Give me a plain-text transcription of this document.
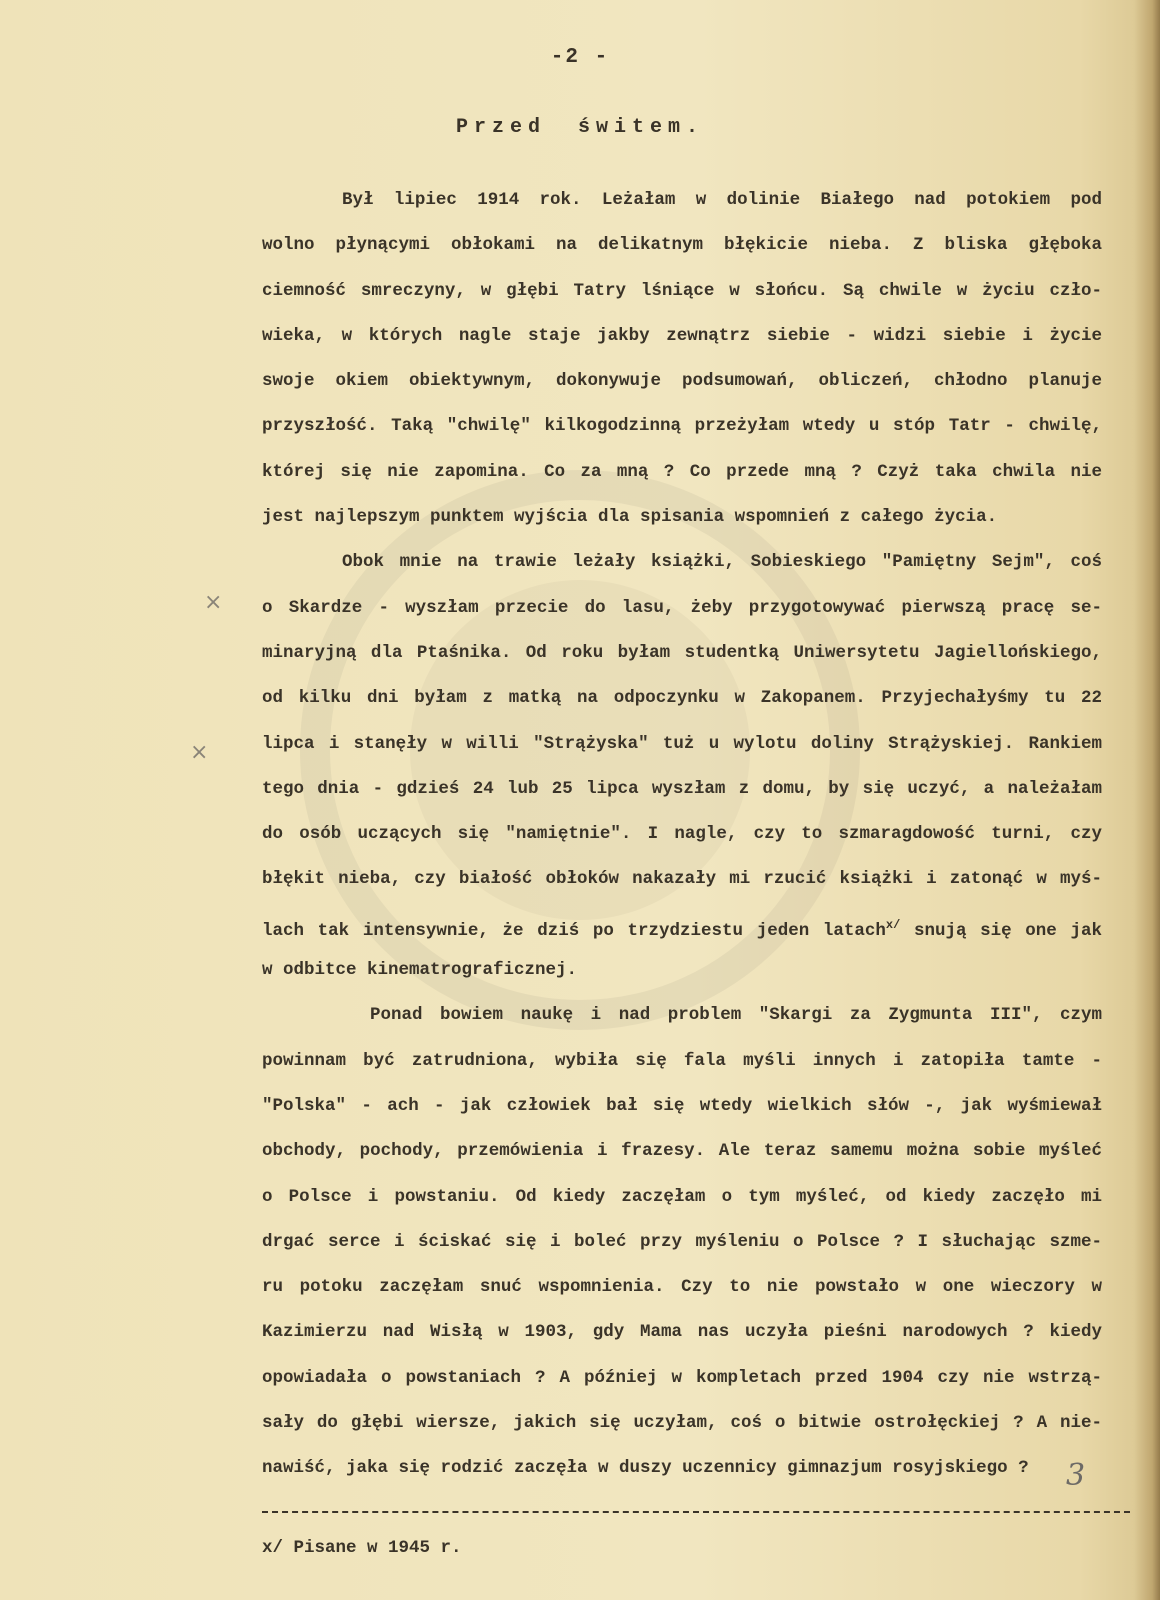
-2 -
Przed świtem.
Był lipiec 1914 rok. Leżałam w dolinie Białego nad potokiem pod
wolno płynącymi obłokami na delikatnym błękicie nieba. Z bliska głęboka
ciemność smreczyny, w głębi Tatry lśniące w słońcu. Są chwile w życiu czło-
wieka, w których nagle staje jakby zewnątrz siebie - widzi siebie i życie
swoje okiem obiektywnym, dokonywuje podsumowań, obliczeń, chłodno planuje
przyszłość. Taką "chwilę" kilkogodzinną przeżyłam wtedy u stóp Tatr - chwilę,
której się nie zapomina. Co za mną ? Co przede mną ? Czyż taka chwila nie
jest najlepszym punktem wyjścia dla spisania wspomnień z całego życia.
Obok mnie na trawie leżały książki, Sobieskiego "Pamiętny Sejm", coś
o Skardze - wyszłam przecie do lasu, żeby przygotowywać pierwszą pracę se-
minaryjną dla Ptaśnika. Od roku byłam studentką Uniwersytetu Jagiellońskiego,
od kilku dni byłam z matką na odpoczynku w Zakopanem. Przyjechałyśmy tu 22
lipca i stanęły w willi "Strążyska" tuż u wylotu doliny Strążyskiej. Rankiem
tego dnia - gdzieś 24 lub 25 lipca wyszłam z domu, by się uczyć, a należałam
do osób uczących się "namiętnie". I nagle, czy to szmaragdowość turni, czy
błękit nieba, czy białość obłoków nakazały mi rzucić książki i zatonąć w myś-
lach tak intensywnie, że dziś po trzydziestu jeden latach$^{x/}$ snują się one jak
w odbitce kinematrograficznej.
Ponad bowiem naukę i nad problem "Skargi za Zygmunta III", czym
powinnam być zatrudniona, wybiła się fala myśli innych i zatopiła tamte -
"Polska" - ach - jak człowiek bał się wtedy wielkich słów -, jak wyśmiewał
obchody, pochody, przemówienia i frazesy. Ale teraz samemu można sobie myśleć
o Polsce i powstaniu. Od kiedy zaczęłam o tym myśleć, od kiedy zaczęło mi
drgać serce i ściskać się i boleć przy myśleniu o Polsce ? I słuchając szme-
ru potoku zaczęłam snuć wspomnienia. Czy to nie powstało w one wieczory w
Kazimierzu nad Wisłą w 1903, gdy Mama nas uczyła pieśni narodowych ? kiedy
opowiadała o powstaniach ? A później w kompletach przed 1904 czy nie wstrzą-
sały do głębi wiersze, jakich się uczyłam, coś o bitwie ostrołęckiej ? A nie-
nawiść, jaka się rodzić zaczęła w duszy uczennicy gimnazjum rosyjskiego ?
×
×
3
x/ Pisane w 1945 r.
